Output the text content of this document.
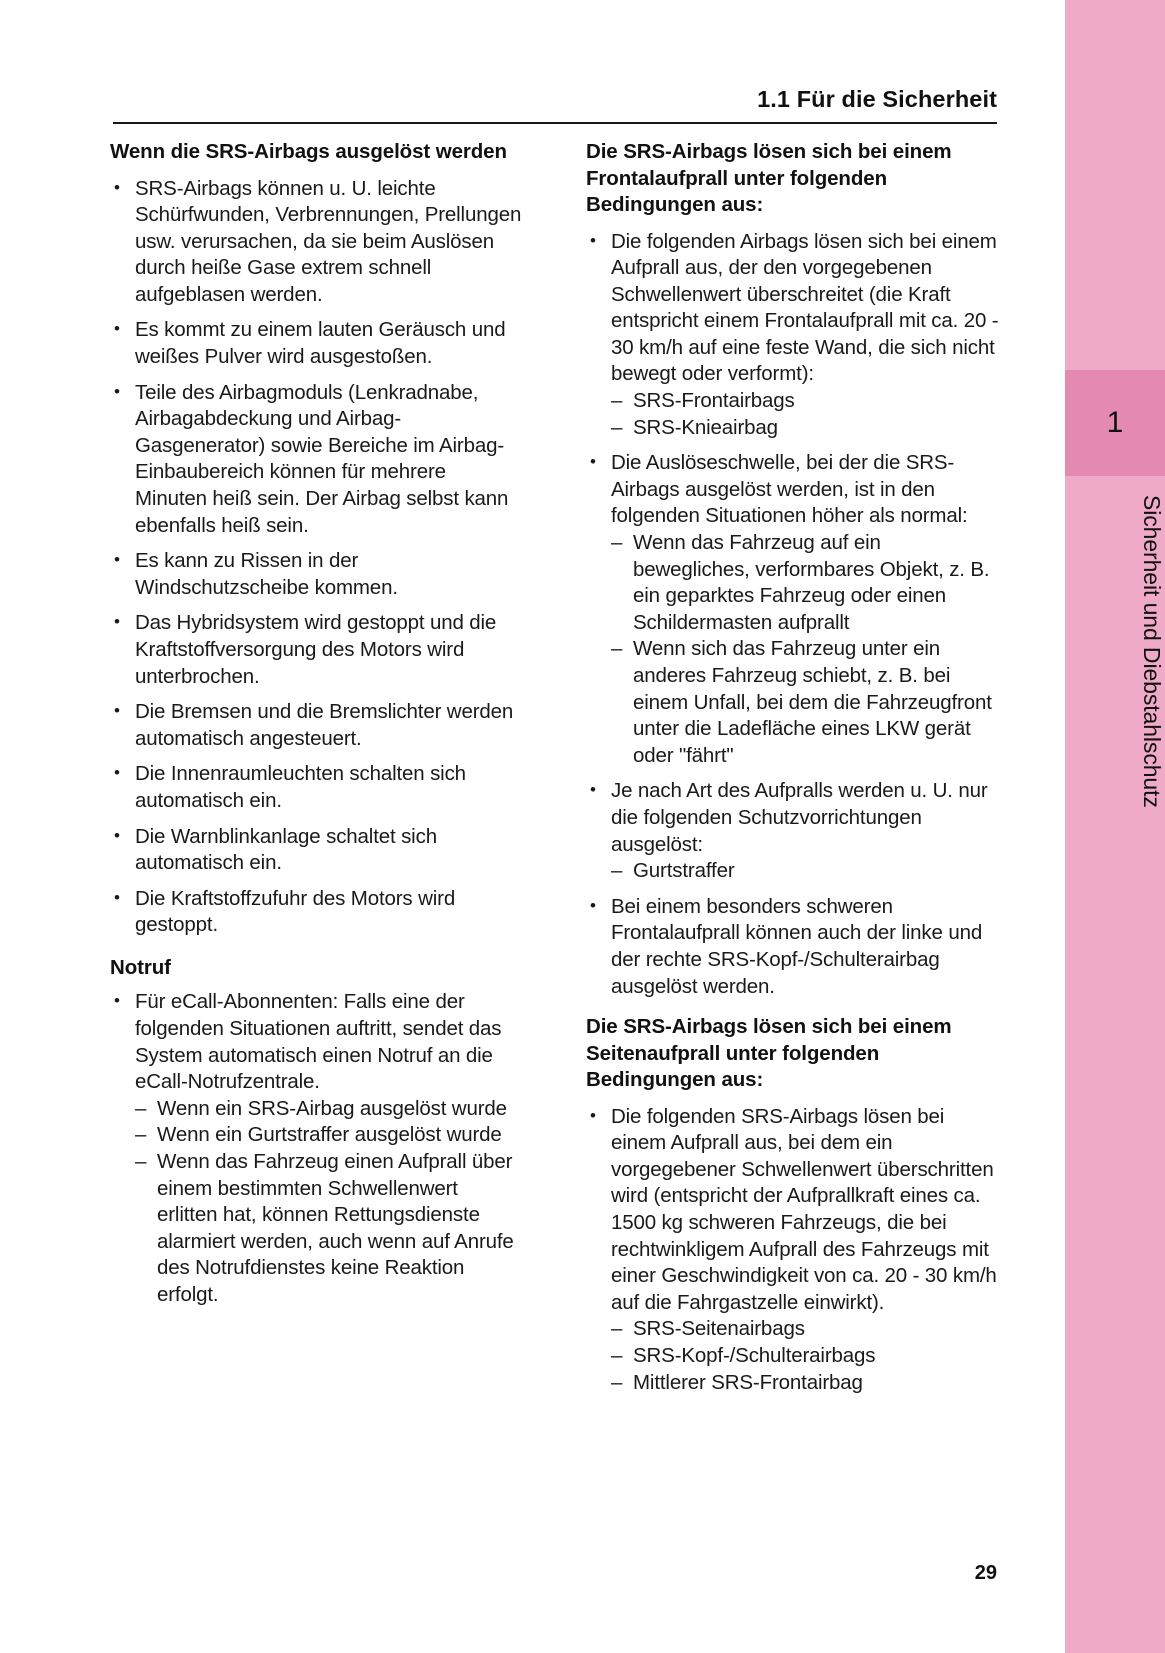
1
Sicherheit und Diebstahlschutz
1.1 Für die Sicherheit
Wenn die SRS-Airbags ausgelöst werden
• SRS-Airbags können u. U. leichte Schürfwunden, Verbrennungen, Prellungen usw. verursachen, da sie beim Auslösen durch heiße Gase extrem schnell aufgeblasen werden.
• Es kommt zu einem lauten Geräusch und weißes Pulver wird ausgestoßen.
• Teile des Airbagmoduls (Lenkradnabe, Airbagabdeckung und Airbag-Gasgenerator) sowie Bereiche im Airbag-Einbaubereich können für mehrere Minuten heiß sein. Der Airbag selbst kann ebenfalls heiß sein.
• Es kann zu Rissen in der Windschutzscheibe kommen.
• Das Hybridsystem wird gestoppt und die Kraftstoffversorgung des Motors wird unterbrochen.
• Die Bremsen und die Bremslichter werden automatisch angesteuert.
• Die Innenraumleuchten schalten sich automatisch ein.
• Die Warnblinkanlage schaltet sich automatisch ein.
• Die Kraftstoffzufuhr des Motors wird gestoppt.
Notruf
• Für eCall-Abonnenten: Falls eine der folgenden Situationen auftritt, sendet das System automatisch einen Notruf an die eCall-Notrufzentrale.
– Wenn ein SRS-Airbag ausgelöst wurde
– Wenn ein Gurtstraffer ausgelöst wurde
– Wenn das Fahrzeug einen Aufprall über einem bestimmten Schwellenwert erlitten hat, können Rettungsdienste alarmiert werden, auch wenn auf Anrufe des Notrufdienstes keine Reaktion erfolgt.
Die SRS-Airbags lösen sich bei einem Frontalaufprall unter folgenden Bedingungen aus:
• Die folgenden Airbags lösen sich bei einem Aufprall aus, der den vorgegebenen Schwellenwert überschreitet (die Kraft entspricht einem Frontalaufprall mit ca. 20 - 30 km/h auf eine feste Wand, die sich nicht bewegt oder verformt):
– SRS-Frontairbags
– SRS-Knieairbag
• Die Auslöseschwelle, bei der die SRS-Airbags ausgelöst werden, ist in den folgenden Situationen höher als normal:
– Wenn das Fahrzeug auf ein bewegliches, verformbares Objekt, z. B. ein geparktes Fahrzeug oder einen Schildermasten aufprallt
– Wenn sich das Fahrzeug unter ein anderes Fahrzeug schiebt, z. B. bei einem Unfall, bei dem die Fahrzeugfront unter die Ladefläche eines LKW gerät oder "fährt"
• Je nach Art des Aufpralls werden u. U. nur die folgenden Schutzvorrichtungen ausgelöst:
– Gurtstraffer
• Bei einem besonders schweren Frontalaufprall können auch der linke und der rechte SRS-Kopf-/Schulterairbag ausgelöst werden.
Die SRS-Airbags lösen sich bei einem Seitenaufprall unter folgenden Bedingungen aus:
• Die folgenden SRS-Airbags lösen bei einem Aufprall aus, bei dem ein vorgegebener Schwellenwert überschritten wird (entspricht der Aufprallkraft eines ca. 1500 kg schweren Fahrzeugs, die bei rechtwinkligem Aufprall des Fahrzeugs mit einer Geschwindigkeit von ca. 20 - 30 km/h auf die Fahrgastzelle einwirkt).
– SRS-Seitenairbags
– SRS-Kopf-/Schulterairbags
– Mittlerer SRS-Frontairbag
29
